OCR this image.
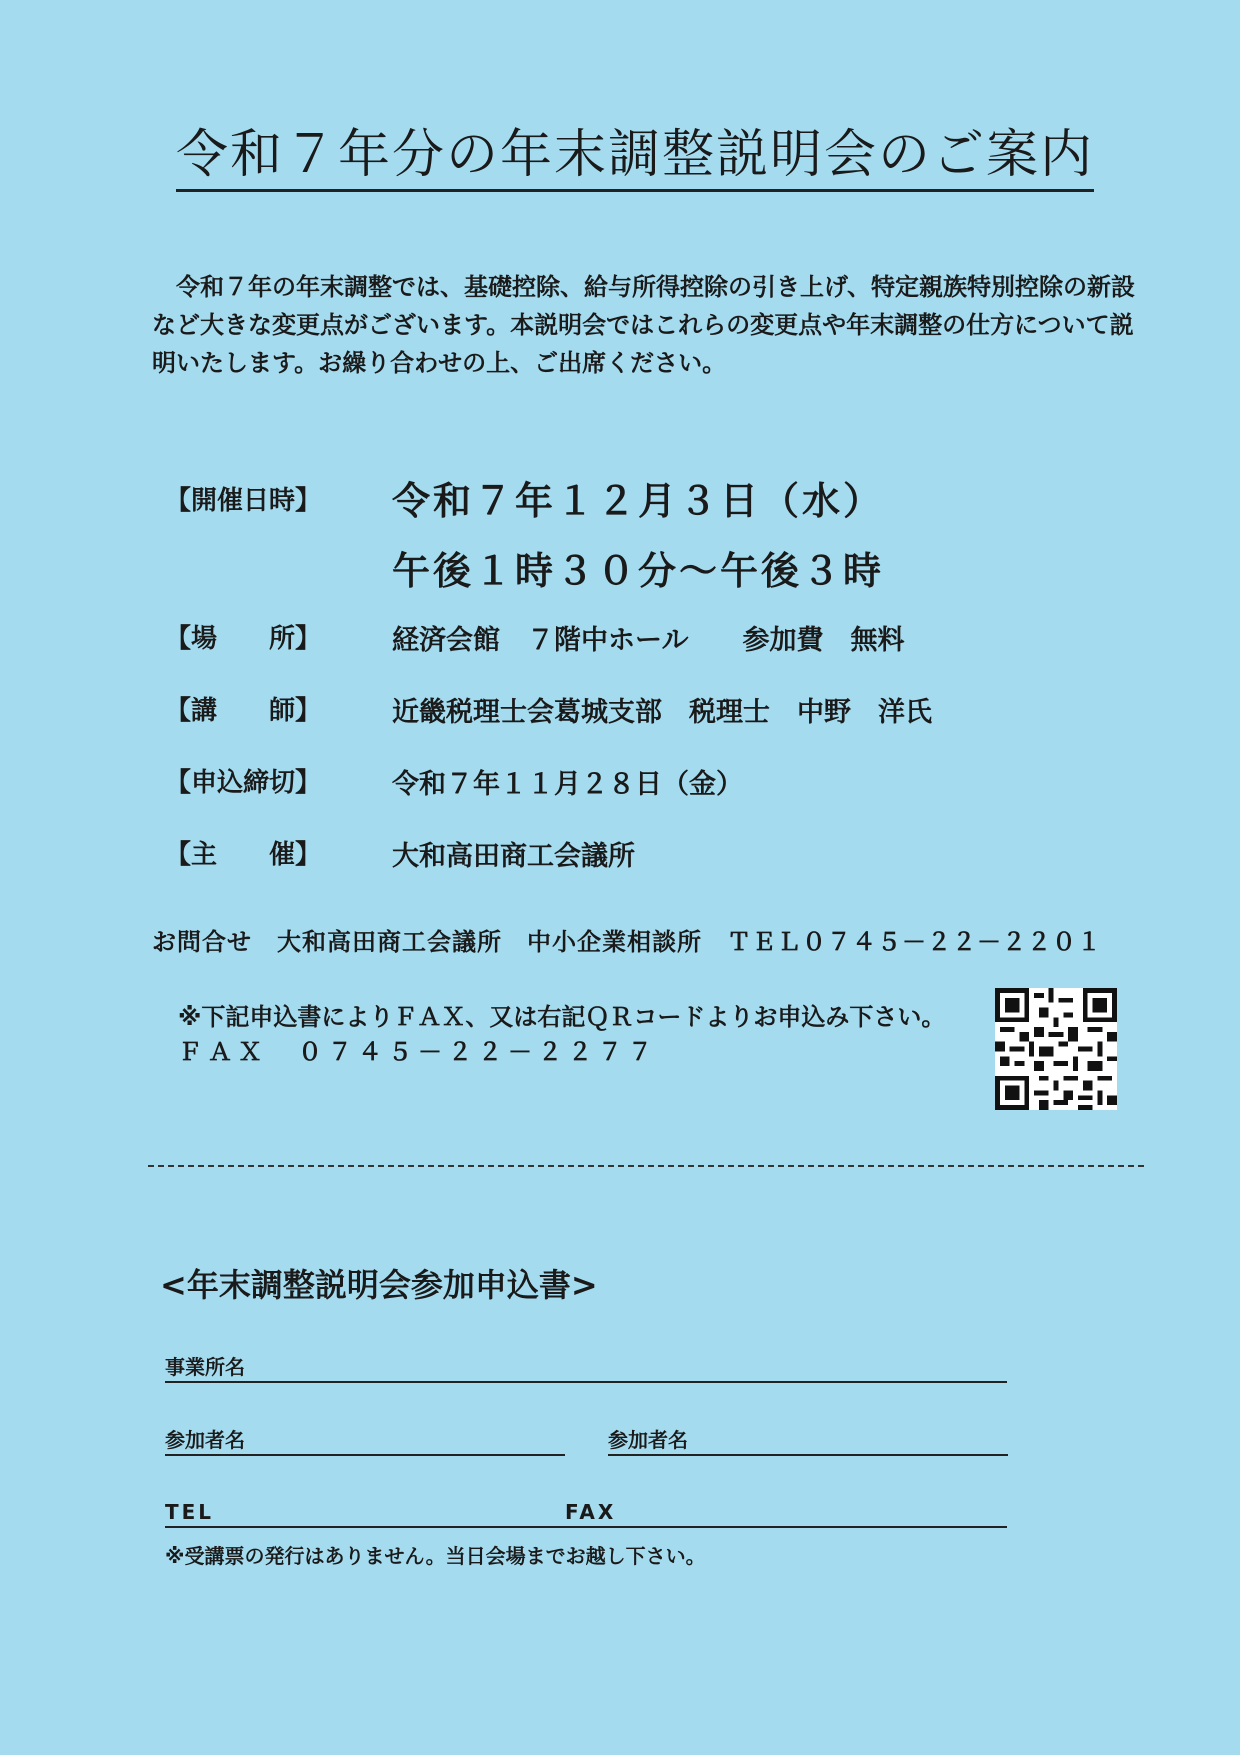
令和７年分の年末調整説明会のご案内

令和７年の年末調整では、基礎控除、給与所得控除の引き上げ、特定親族特別控除の新設など大きな変更点がございます。本説明会ではこれらの変更点や年末調整の仕方について説明いたします。お繰り合わせの上、ご出席ください。

【開催日時】 令和７年１２月３日（水）
午後１時３０分～午後３時
【場　　所】	経済会館　７階中ホール　　参加費　無料
【講　　師】	近畿税理士会葛城支部　税理士　中野　洋氏
【申込締切】	令和７年１１月２８日（金）
【主　　催】	大和高田商工会議所
お問合せ　大和高田商工会議所　中小企業相談所　ＴＥＬ０７４５－２２－２２０１
※下記申込書によりＦＡＸ、又は右記ＱＲコードよりお申込み下さい。
ＦＡＸ　０７４５－２２－２２７７
<年末調整説明会参加申込書>
事業所名
参加者名	参加者名
TEL	FAX
※受講票の発行はありません。当日会場までお越し下さい。
